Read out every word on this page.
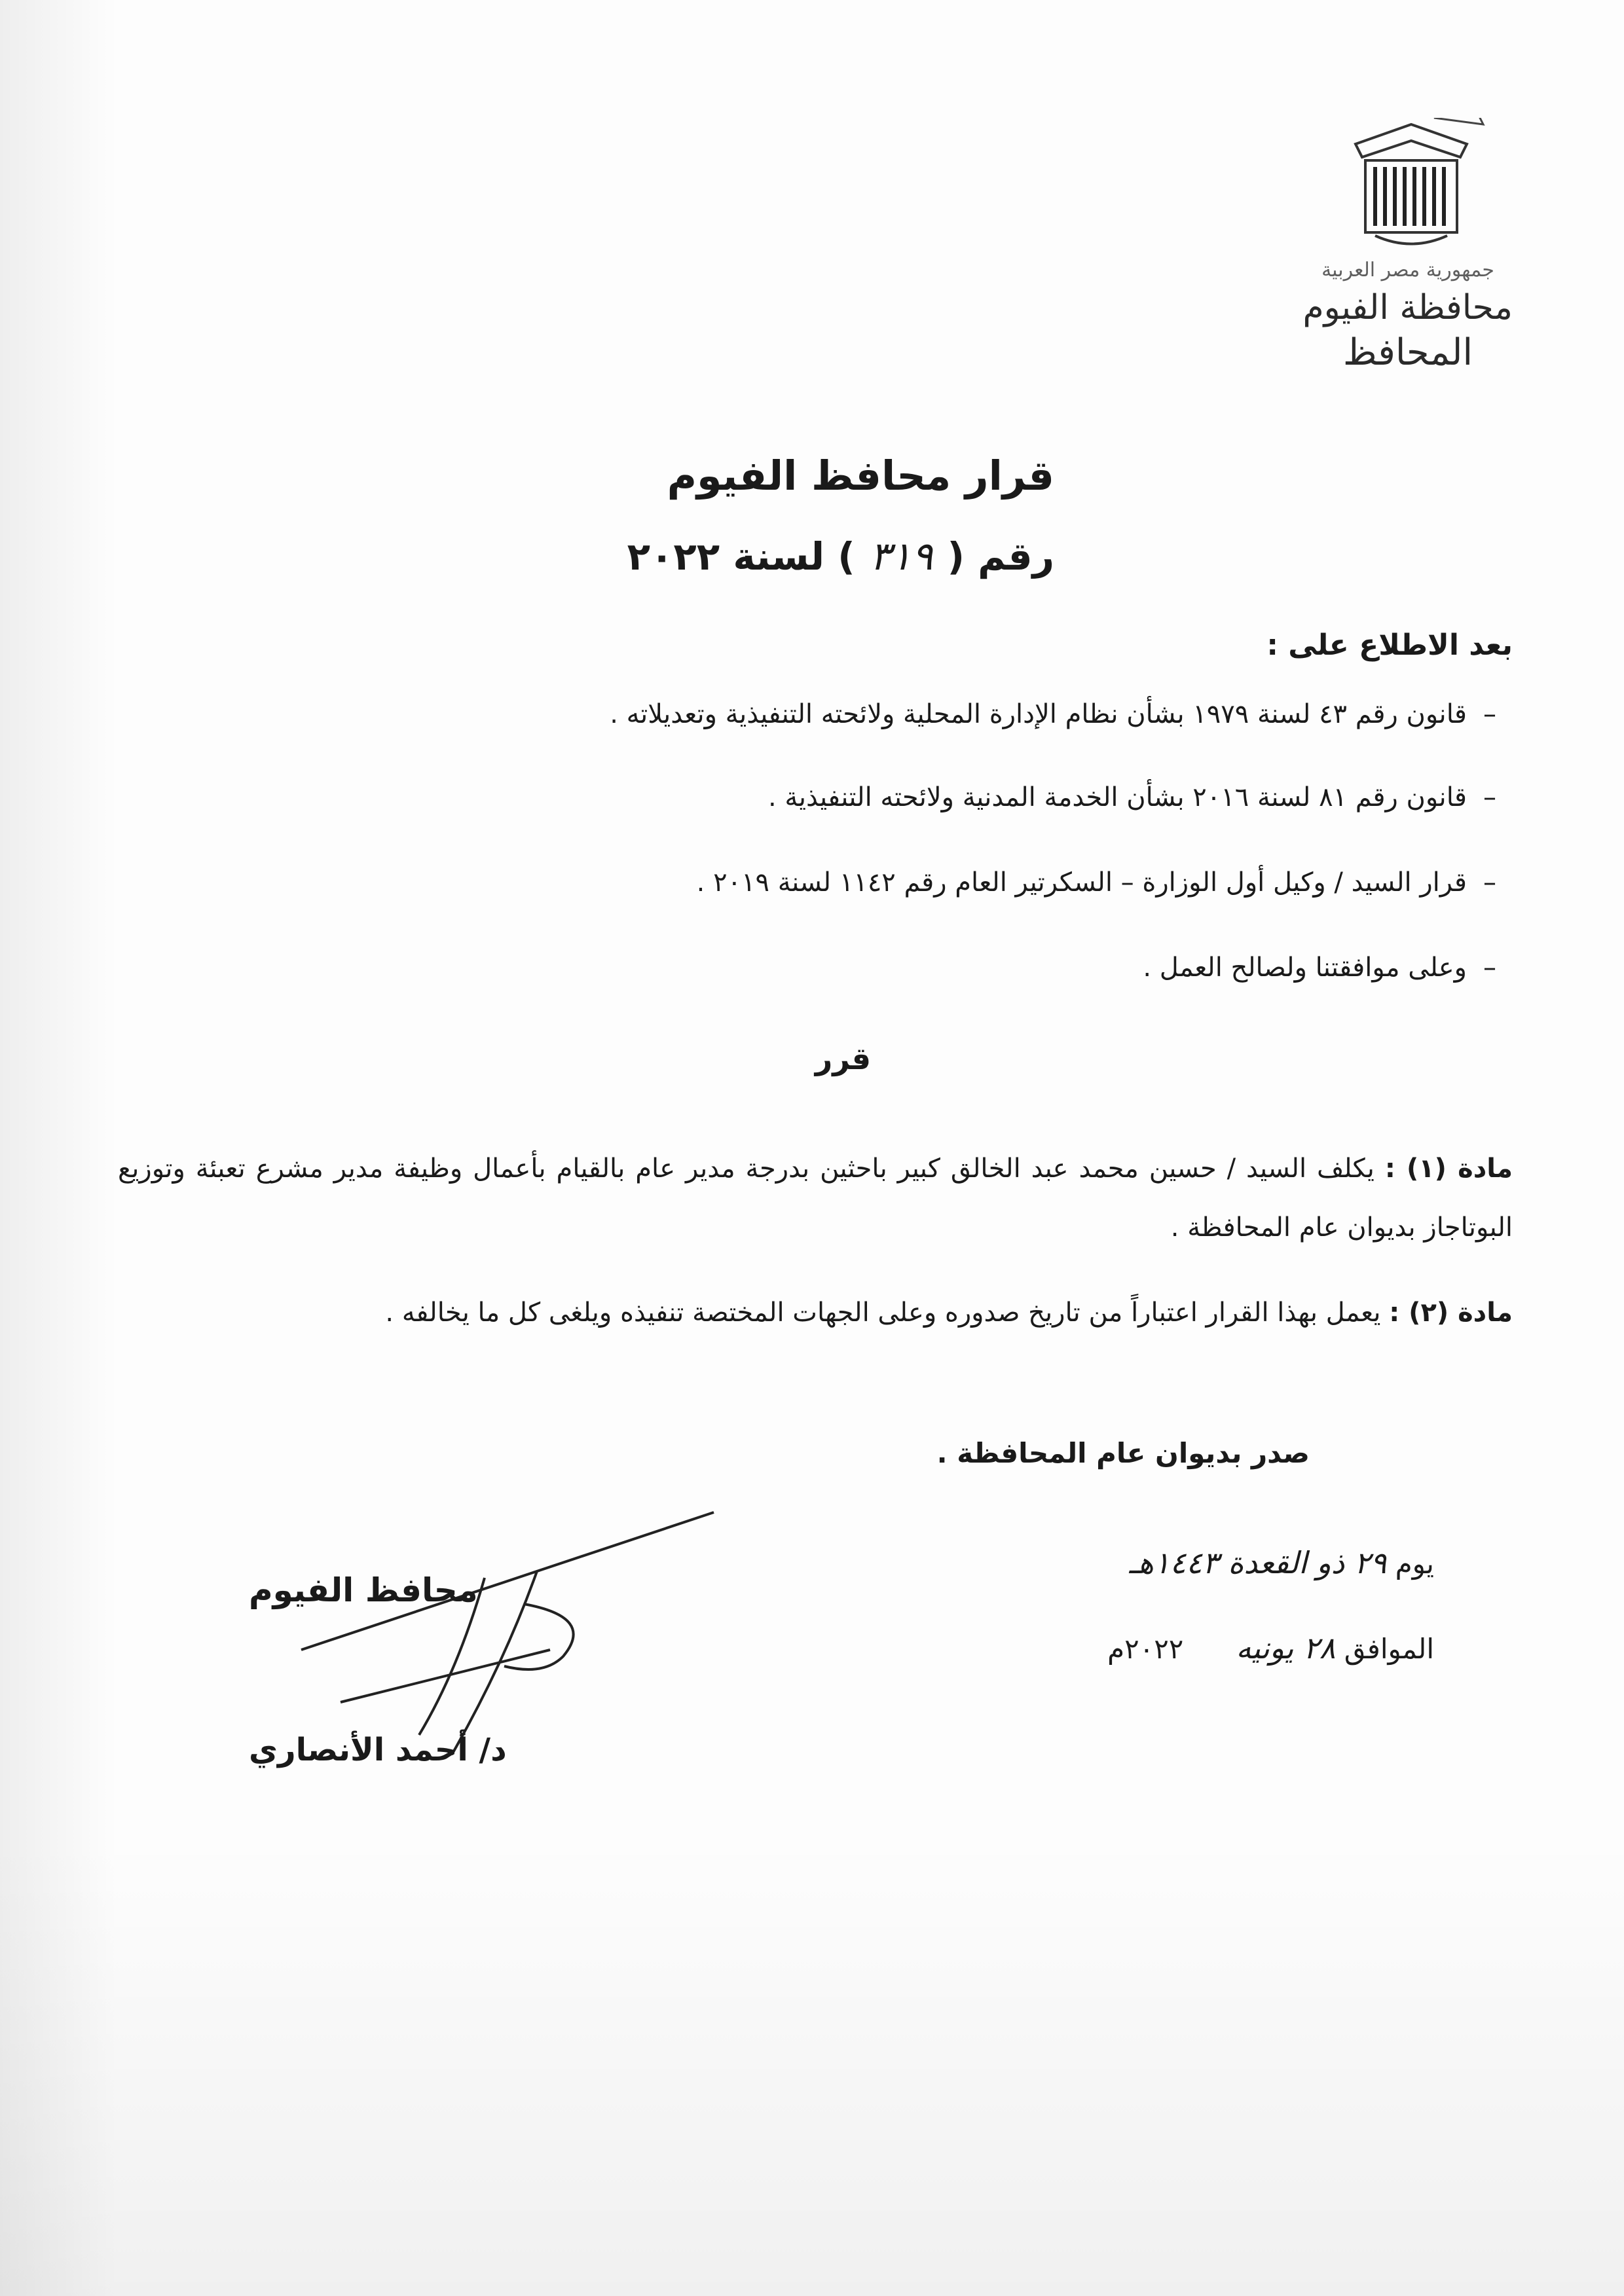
جمهورية مصر العربية
محافظة الفيوم
المحافظ
قرار محافظ الفيوم
رقم (٣١٩) لسنة ٢٠٢٢
بعد الاطلاع على :
–قانون رقم ٤٣ لسنة ١٩٧٩ بشأن نظام الإدارة المحلية ولائحته التنفيذية وتعديلاته .
–قانون رقم ٨١ لسنة ٢٠١٦ بشأن الخدمة المدنية ولائحته التنفيذية .
–قرار السيد / وكيل أول الوزارة – السكرتير العام رقم ١١٤٢ لسنة ٢٠١٩ .
–وعلى موافقتنا ولصالح العمل .
قرر
مادة (١) : يكلف السيد / حسين محمد عبد الخالق كبير باحثين بدرجة مدير عام بالقيام بأعمال وظيفة مدير مشرع تعبئة وتوزيع البوتاجاز بديوان عام المحافظة .
مادة (٢) : يعمل بهذا القرار اعتباراً من تاريخ صدوره وعلى الجهات المختصة تنفيذه ويلغى كل ما يخالفه .
صدر بديوان عام المحافظة .
يوم ٢٩ ذو القعدة ١٤٤٣هـ
الموافق ٢٨ يونيه      ٢٠٢٢م
محافظ الفيوم
د/ أحمد الأنصاري
